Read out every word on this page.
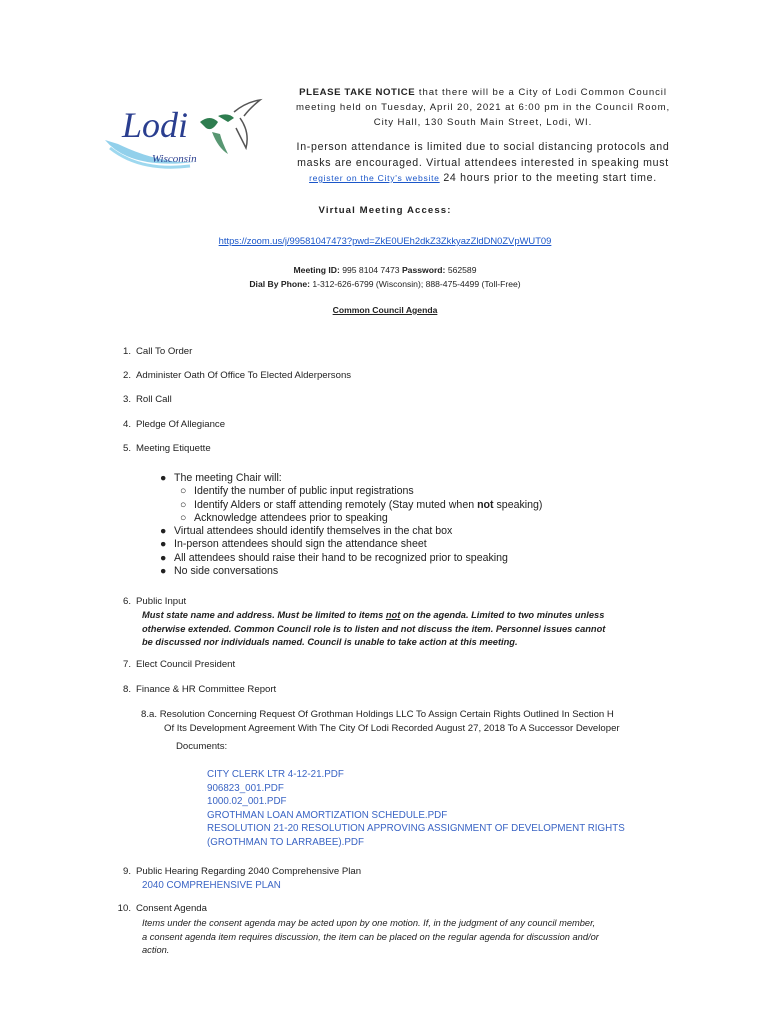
Lodi
Wisconsin
PLEASE TAKE NOTICE that there will be a City of Lodi Common Council
meeting held on Tuesday, April 20, 2021 at 6:00 pm in the Council Room,
City Hall, 130 South Main Street, Lodi, WI.
In-person attendance is limited due to social distancing protocols and
masks are encouraged. Virtual attendees interested in speaking must
register on the City's website 24 hours prior to the meeting start time.
Virtual Meeting Access:
https://zoom.us/j/99581047473?pwd=ZkE0UEh2dkZ3ZkkyazZldDN0ZVpWUT09
Meeting ID: 995 8104 7473 Password: 562589
Dial By Phone: 1-312-626-6799 (Wisconsin); 888-475-4499 (Toll-Free)
Common Council Agenda
1. Call To Order
2. Administer Oath Of Office To Elected Alderpersons
3. Roll Call
4. Pledge Of Allegiance
5. Meeting Etiquette
● The meeting Chair will:
○ Identify the number of public input registrations
○ Identify Alders or staff attending remotely (Stay muted when not speaking)
○ Acknowledge attendees prior to speaking
● Virtual attendees should identify themselves in the chat box
● In-person attendees should sign the attendance sheet
● All attendees should raise their hand to be recognized prior to speaking
● No side conversations
6. Public Input
Must state name and address. Must be limited to items not on the agenda. Limited to two minutes unless
otherwise extended. Common Council role is to listen and not discuss the item. Personnel issues cannot
be discussed nor individuals named. Council is unable to take action at this meeting.
7. Elect Council President
8. Finance & HR Committee Report
8.a. Resolution Concerning Request Of Grothman Holdings LLC To Assign Certain Rights Outlined In Section H
Of Its Development Agreement With The City Of Lodi Recorded August 27, 2018 To A Successor Developer
Documents:
CITY CLERK LTR 4-12-21.PDF
906823_001.PDF
1000.02_001.PDF
GROTHMAN LOAN AMORTIZATION SCHEDULE.PDF
RESOLUTION 21-20 RESOLUTION APPROVING ASSIGNMENT OF DEVELOPMENT RIGHTS
(GROTHMAN TO LARRABEE).PDF
9. Public Hearing Regarding 2040 Comprehensive Plan
2040 COMPREHENSIVE PLAN
10. Consent Agenda
Items under the consent agenda may be acted upon by one motion. If, in the judgment of any council member,
a consent agenda item requires discussion, the item can be placed on the regular agenda for discussion and/or
action.
